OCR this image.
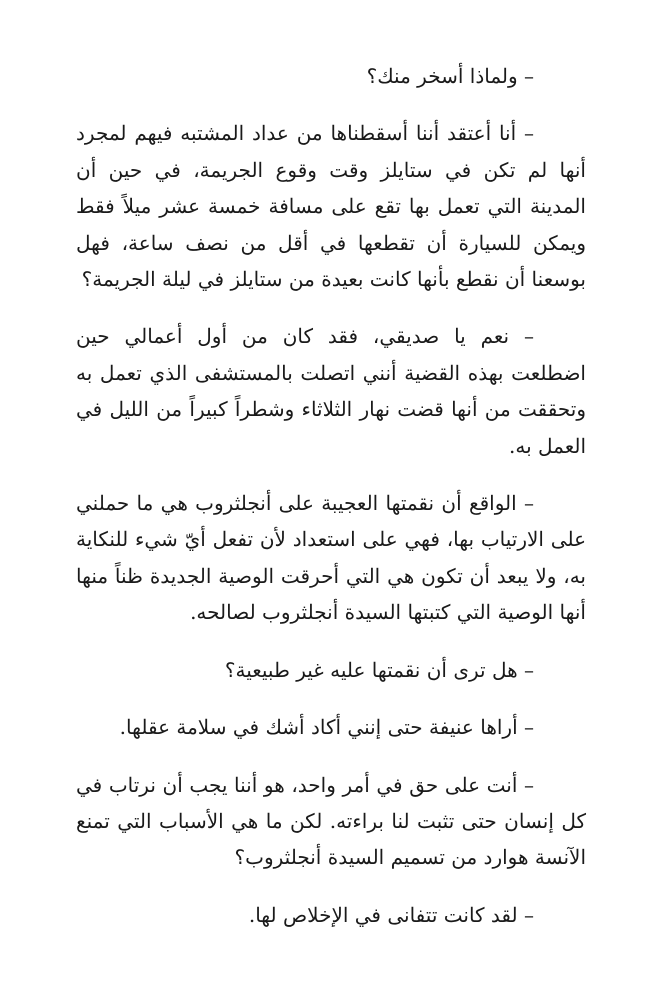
– ولماذا أسخر منك؟

– أنا أعتقد أننا أسقطناها من عداد المشتبه فيهم لمجرد أنها لم تكن في ستايلز وقت وقوع الجريمة، في حين أن المدينة التي تعمل بها تقع على مسافة خمسة عشر ميلاً فقط ويمكن للسيارة أن تقطعها في أقل من نصف ساعة، فهل بوسعنا أن نقطع بأنها كانت بعيدة من ستايلز في ليلة الجريمة؟

– نعم يا صديقي، فقد كان من أول أعمالي حين اضطلعت بهذه القضية أنني اتصلت بالمستشفى الذي تعمل به وتحققت من أنها قضت نهار الثلاثاء وشطراً كبيراً من الليل في العمل به.

– الواقع أن نقمتها العجيبة على أنجلثروب هي ما حملني على الارتياب بها، فهي على استعداد لأن تفعل أيّ شيء للنكاية به، ولا يبعد أن تكون هي التي أحرقت الوصية الجديدة ظناً منها أنها الوصية التي كتبتها السيدة أنجلثروب لصالحه.

– هل ترى أن نقمتها عليه غير طبيعية؟

– أراها عنيفة حتى إنني أكاد أشك في سلامة عقلها.

– أنت على حق في أمر واحد، هو أننا يجب أن نرتاب في كل إنسان حتى تثبت لنا براءته. لكن ما هي الأسباب التي تمنع الآنسة هوارد من تسميم السيدة أنجلثروب؟

– لقد كانت تتفانى في الإخلاص لها.
